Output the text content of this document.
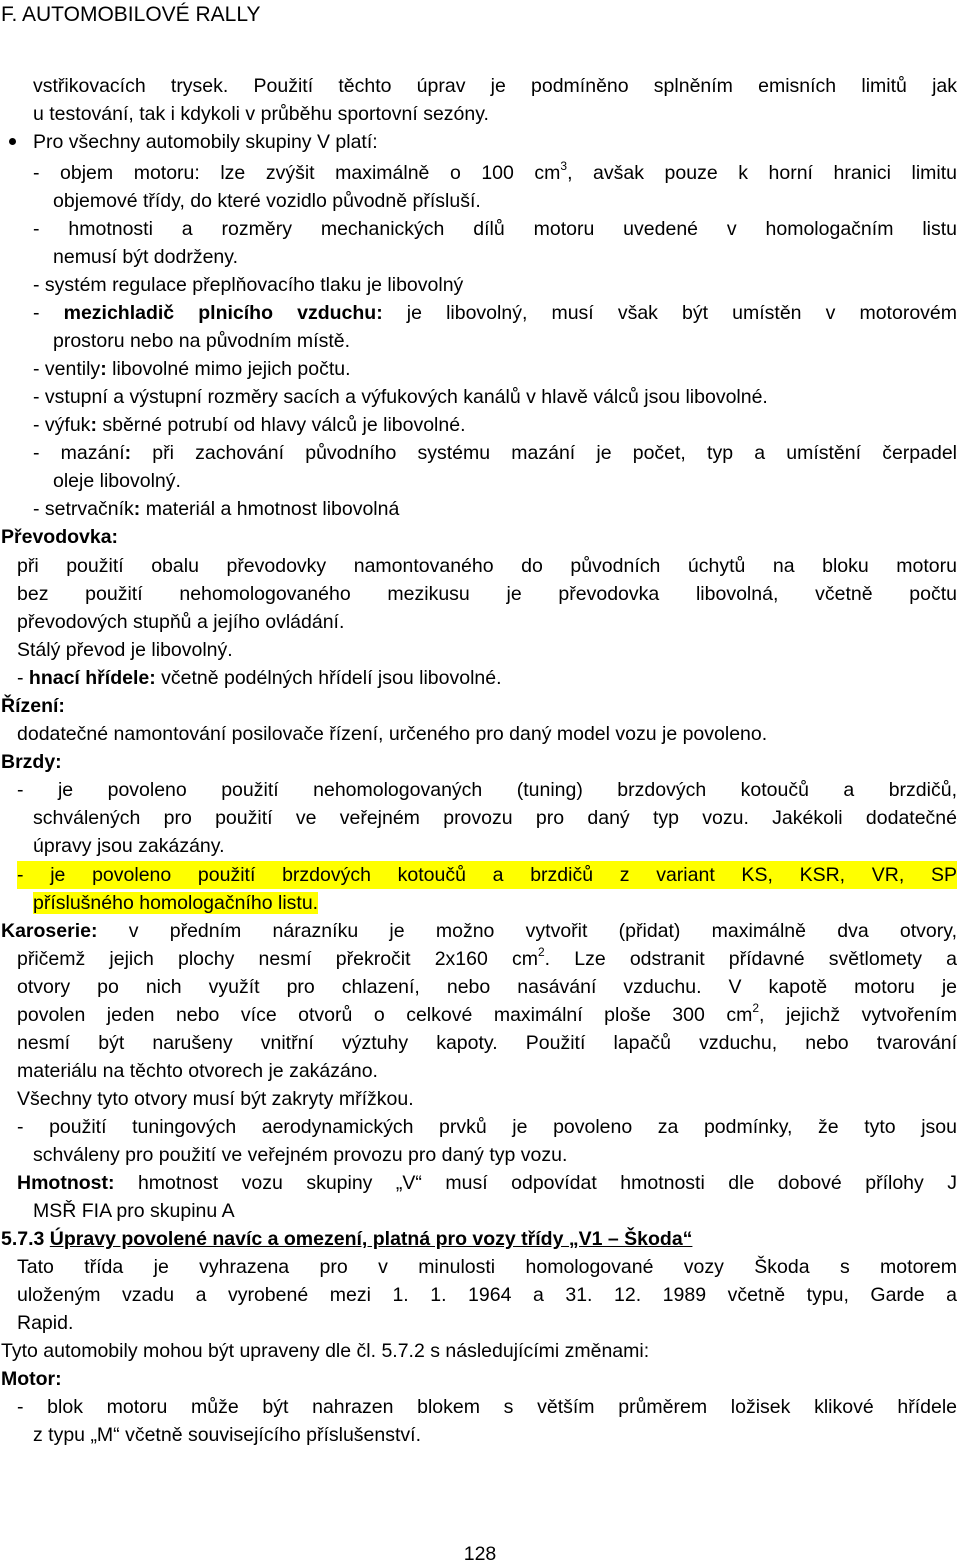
F. AUTOMOBILOVÉ RALLY
vstřikovacích trysek. Použití těchto úprav je podmíněno splněním emisních limitů jak
u testování, tak i kdykoli v průběhu sportovní sezóny.
Pro všechny automobily skupiny V platí:
- objem motoru: lze zvýšit maximálně o 100 $cm^3$, avšak pouze k horní hranici limitu
objemové třídy, do které vozidlo původně přísluší.
- hmotnosti a rozměry mechanických dílů motoru uvedené v homologačním listu
nemusí být dodrženy.
- systém regulace přeplňovacího tlaku je libovolný
- mezichladič plnicího vzduchu: je libovolný, musí však být umístěn v motorovém
prostoru nebo na původním místě.
- ventily: libovolné mimo jejich počtu.
- vstupní a výstupní rozměry sacích a výfukových kanálů v hlavě válců jsou libovolné.
- výfuk: sběrné potrubí od hlavy válců je libovolné.
- mazání: při zachování původního systému mazání je počet, typ a umístění čerpadel
oleje libovolný.
- setrvačník: materiál a hmotnost libovolná
Převodovka:
při použití obalu převodovky namontovaného do původních úchytů na bloku motoru
bez použití nehomologovaného mezikusu je převodovka libovolná, včetně počtu
převodových stupňů a jejího ovládání.
Stálý převod je libovolný.
- hnací hřídele: včetně podélných hřídelí jsou libovolné.
Řízení:
dodatečné namontování posilovače řízení, určeného pro daný model vozu je povoleno.
Brzdy:
- je povoleno použití nehomologovaných (tuning) brzdových kotoučů a brzdičů,
schválených pro použití ve veřejném provozu pro daný typ vozu. Jakékoli dodatečné
úpravy jsou zakázány.
- je povoleno použití brzdových kotoučů a brzdičů z variant KS, KSR, VR, SP
příslušného homologačního listu.
Karoserie: v předním nárazníku je možno vytvořit (přidat) maximálně dva otvory,
přičemž jejich plochy nesmí překročit 2x160 $cm^2$. Lze odstranit přídavné světlomety a
otvory po nich využít pro chlazení, nebo nasávání vzduchu. V kapotě motoru je
povolen jeden nebo více otvorů o celkové maximální ploše 300 $cm^2$, jejichž vytvořením
nesmí být narušeny vnitřní výztuhy kapoty. Použití lapačů vzduchu, nebo tvarování
materiálu na těchto otvorech je zakázáno.
Všechny tyto otvory musí být zakryty mřížkou.
- použití tuningových aerodynamických prvků je povoleno za podmínky, že tyto jsou
schváleny pro použití ve veřejném provozu pro daný typ vozu.
Hmotnost: hmotnost vozu skupiny „V“ musí odpovídat hmotnosti dle dobové přílohy J
MSŘ FIA pro skupinu A
5.7.3 Úpravy povolené navíc a omezení, platná pro vozy třídy „V1 – Škoda“
Tato třída je vyhrazena pro v minulosti homologované vozy Škoda s motorem
uloženým vzadu a vyrobené mezi 1. 1. 1964 a 31. 12. 1989 včetně typu, Garde a
Rapid.
Tyto automobily mohou být upraveny dle čl. 5.7.2 s následujícími změnami:
Motor:
- blok motoru může být nahrazen blokem s větším průměrem ložisek klikové hřídele
z typu „M“ včetně souvisejícího příslušenství.
128
